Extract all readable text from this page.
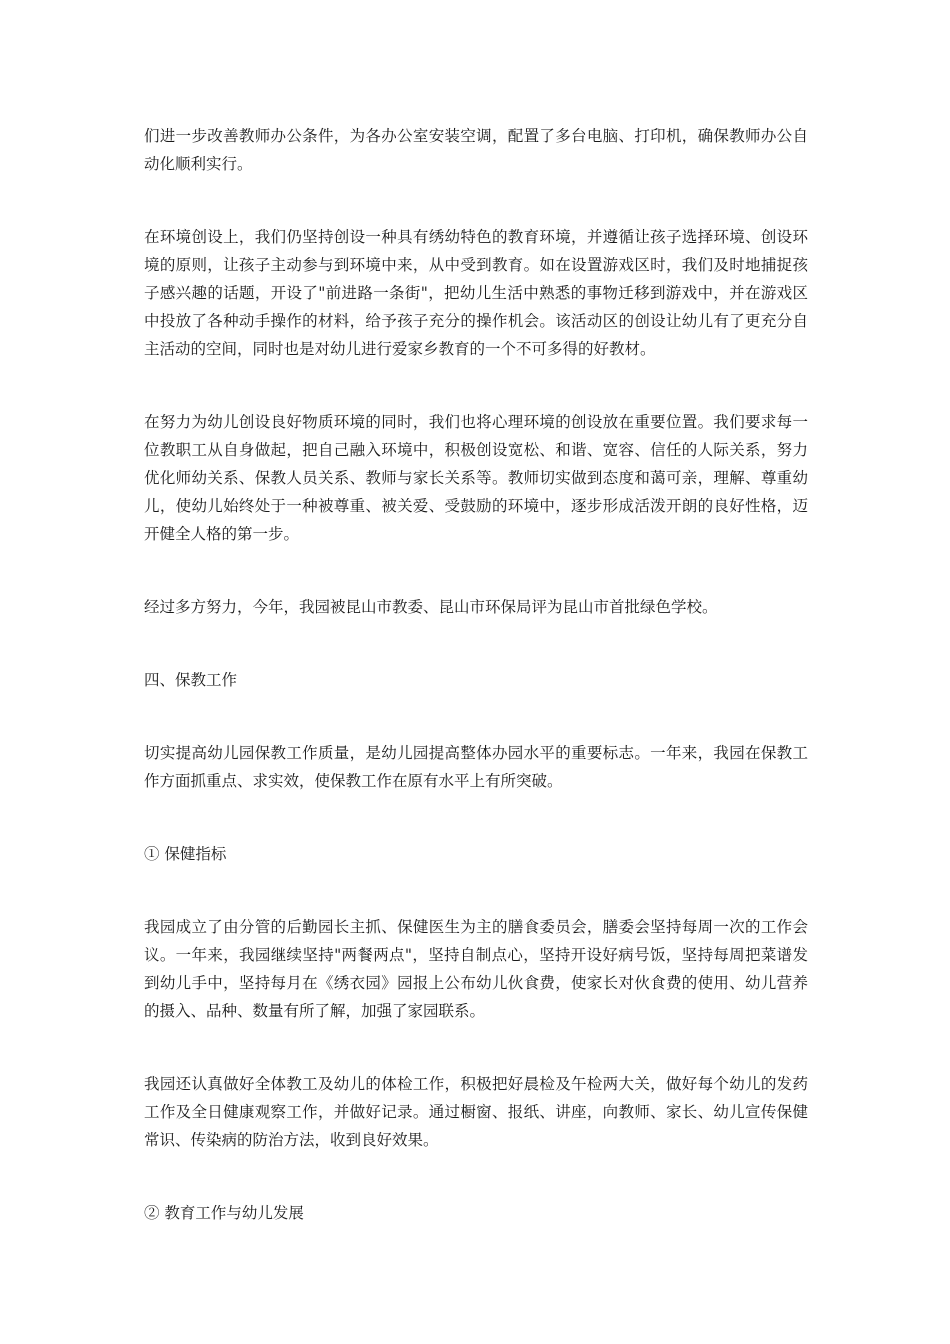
们进一步改善教师办公条件，为各办公室安装空调，配置了多台电脑、打印机，确保教师办公自动化顺利实行。

在环境创设上，我们仍坚持创设一种具有绣幼特色的教育环境，并遵循让孩子选择环境、创设环境的原则，让孩子主动参与到环境中来，从中受到教育。如在设置游戏区时，我们及时地捕捉孩子感兴趣的话题，开设了"前进路一条街"，把幼儿生活中熟悉的事物迁移到游戏中，并在游戏区中投放了各种动手操作的材料，给予孩子充分的操作机会。该活动区的创设让幼儿有了更充分自主活动的空间，同时也是对幼儿进行爱家乡教育的一个不可多得的好教材。

在努力为幼儿创设良好物质环境的同时，我们也将心理环境的创设放在重要位置。我们要求每一位教职工从自身做起，把自己融入环境中，积极创设宽松、和谐、宽容、信任的人际关系，努力优化师幼关系、保教人员关系、教师与家长关系等。教师切实做到态度和蔼可亲，理解、尊重幼儿，使幼儿始终处于一种被尊重、被关爱、受鼓励的环境中，逐步形成活泼开朗的良好性格，迈开健全人格的第一步。

经过多方努力，今年，我园被昆山市教委、昆山市环保局评为昆山市首批绿色学校。

四、保教工作

切实提高幼儿园保教工作质量，是幼儿园提高整体办园水平的重要标志。一年来，我园在保教工作方面抓重点、求实效，使保教工作在原有水平上有所突破。

① 保健指标

我园成立了由分管的后勤园长主抓、保健医生为主的膳食委员会，膳委会坚持每周一次的工作会议。一年来，我园继续坚持"两餐两点"，坚持自制点心，坚持开设好病号饭，坚持每周把菜谱发到幼儿手中，坚持每月在《绣衣园》园报上公布幼儿伙食费，使家长对伙食费的使用、幼儿营养的摄入、品种、数量有所了解，加强了家园联系。

我园还认真做好全体教工及幼儿的体检工作，积极把好晨检及午检两大关，做好每个幼儿的发药工作及全日健康观察工作，并做好记录。通过橱窗、报纸、讲座，向教师、家长、幼儿宣传保健常识、传染病的防治方法，收到良好效果。

② 教育工作与幼儿发展
